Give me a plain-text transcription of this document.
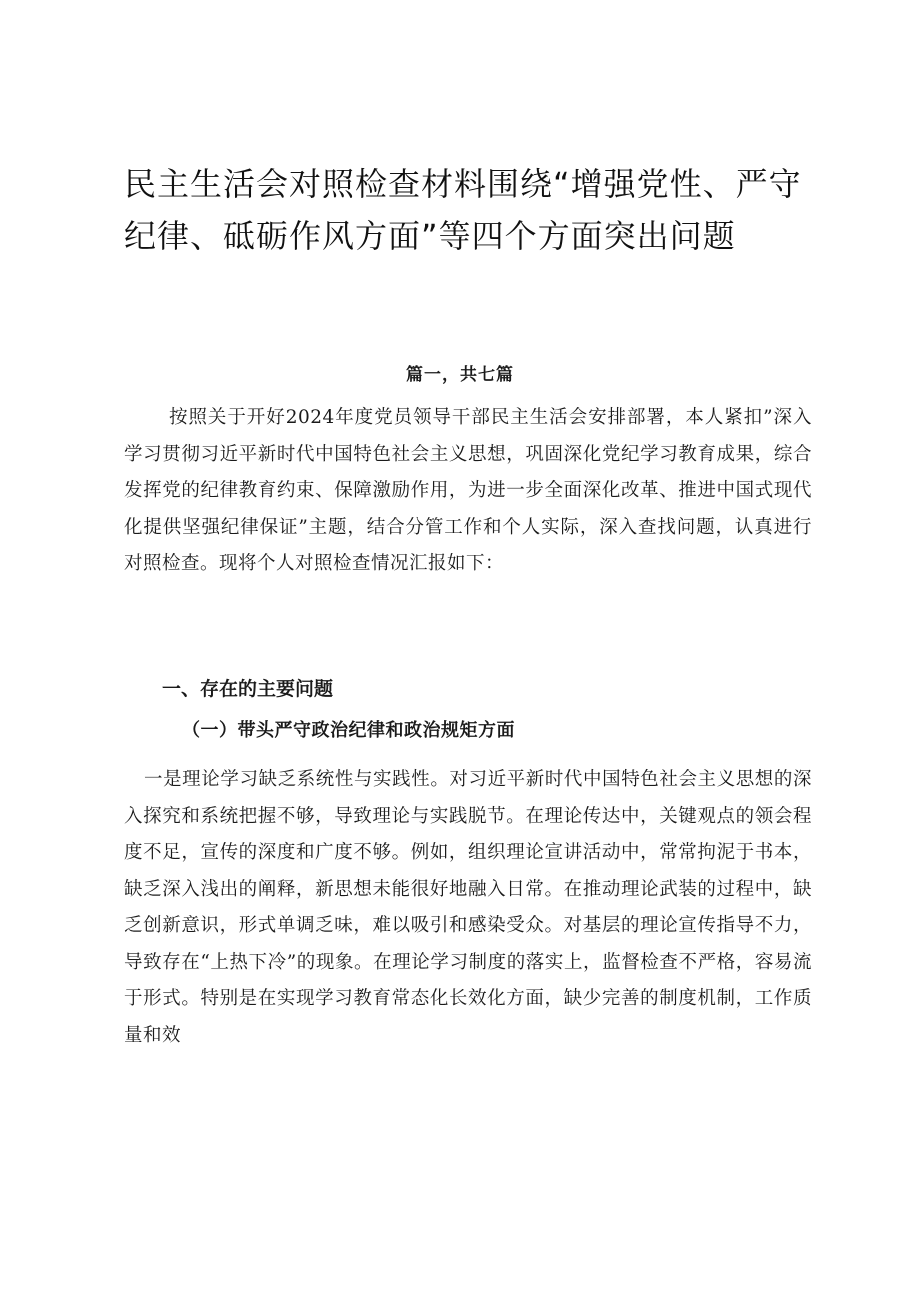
民主生活会对照检查材料围绕“增强党性、严守纪律、砥砺作风方面”等四个方面突出问题

篇一，共七篇

按照关于开好2024年度党员领导干部民主生活会安排部署，本人紧扣”深入学习贯彻习近平新时代中国特色社会主义思想，巩固深化党纪学习教育成果，综合发挥党的纪律教育约束、保障激励作用，为进一步全面深化改革、推进中国式现代化提供坚强纪律保证”主题，结合分管工作和个人实际，深入查找问题，认真进行对照检查。现将个人对照检查情况汇报如下：

一、存在的主要问题
（一）带头严守政治纪律和政治规矩方面

一是理论学习缺乏系统性与实践性。对习近平新时代中国特色社会主义思想的深入探究和系统把握不够，导致理论与实践脱节。在理论传达中，关键观点的领会程度不足，宣传的深度和广度不够。例如，组织理论宣讲活动中，常常拘泥于书本，缺乏深入浅出的阐释，新思想未能很好地融入日常。在推动理论武装的过程中，缺乏创新意识，形式单调乏味，难以吸引和感染受众。对基层的理论宣传指导不力，导致存在“上热下冷”的现象。在理论学习制度的落实上，监督检查不严格，容易流于形式。特别是在实现学习教育常态化长效化方面，缺少完善的制度机制，工作质量和效
